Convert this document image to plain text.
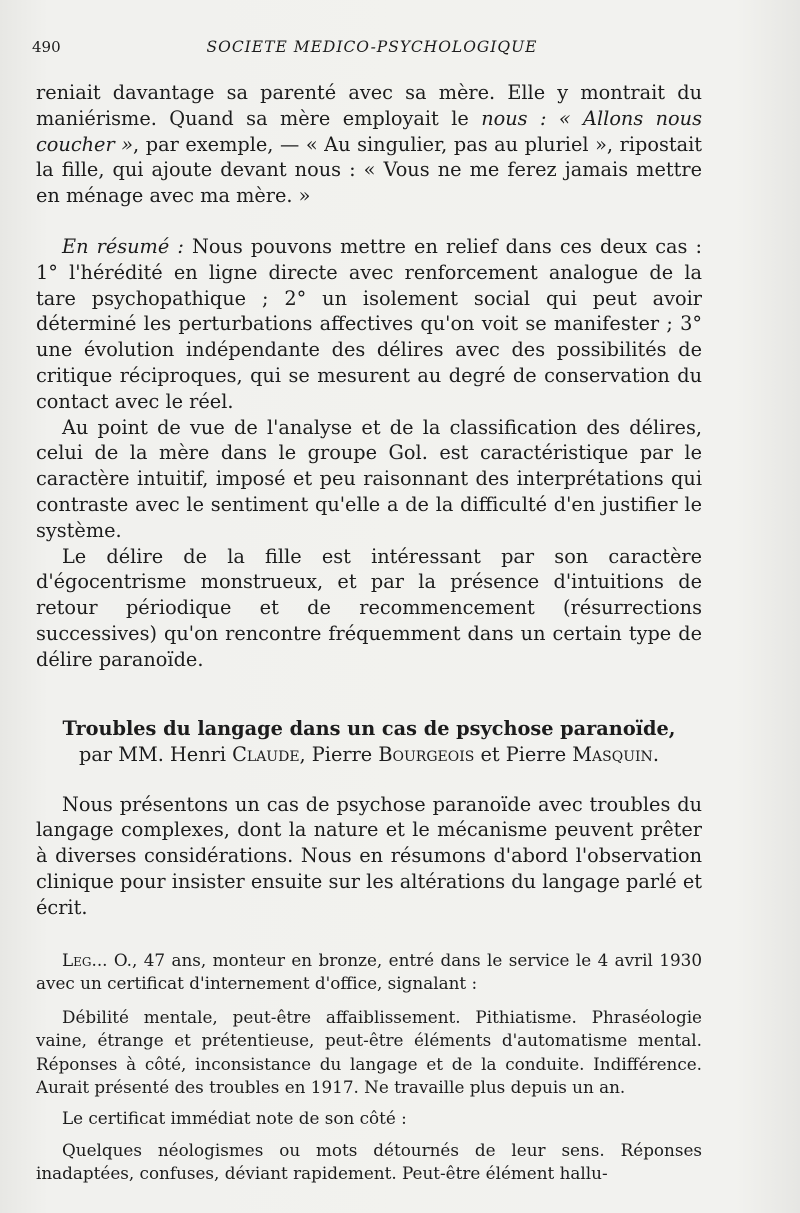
490	SOCIETE MEDICO-PSYCHOLOGIQUE

reniait davantage sa parenté avec sa mère. Elle y montrait du maniérisme. Quand sa mère employait le nous : « Allons nous coucher », par exemple, — « Au singulier, pas au pluriel », ripostait la fille, qui ajoute devant nous : « Vous ne me ferez jamais mettre en ménage avec ma mère. »

En résumé : Nous pouvons mettre en relief dans ces deux cas : 1° l'hérédité en ligne directe avec renforcement analogue de la tare psychopathique ; 2° un isolement social qui peut avoir déterminé les perturbations affectives qu'on voit se manifester ; 3° une évolution indépendante des délires avec des possibilités de critique réciproques, qui se mesurent au degré de conservation du contact avec le réel.

Au point de vue de l'analyse et de la classification des délires, celui de la mère dans le groupe Gol. est caractéristique par le caractère intuitif, imposé et peu raisonnant des interprétations qui contraste avec le sentiment qu'elle a de la difficulté d'en justifier le système.

Le délire de la fille est intéressant par son caractère d'égocentrisme monstrueux, et par la présence d'intuitions de retour périodique et de recommencement (résurrections successives) qu'on rencontre fréquemment dans un certain type de délire paranoïde.

Troubles du langage dans un cas de psychose paranoïde,
par MM. Henri Claude, Pierre Bourgeois et Pierre Masquin.

Nous présentons un cas de psychose paranoïde avec troubles du langage complexes, dont la nature et le mécanisme peuvent prêter à diverses considérations. Nous en résumons d'abord l'observation clinique pour insister ensuite sur les altérations du langage parlé et écrit.

Leg... O., 47 ans, monteur en bronze, entré dans le service le 4 avril 1930 avec un certificat d'internement d'office, signalant :

Débilité mentale, peut-être affaiblissement. Pithiatisme. Phraséologie vaine, étrange et prétentieuse, peut-être éléments d'automatisme mental. Réponses à côté, inconsistance du langage et de la conduite. Indifférence. Aurait présenté des troubles en 1917. Ne travaille plus depuis un an.

Le certificat immédiat note de son côté :

Quelques néologismes ou mots détournés de leur sens. Réponses inadaptées, confuses, déviant rapidement. Peut-être élément hallu-
